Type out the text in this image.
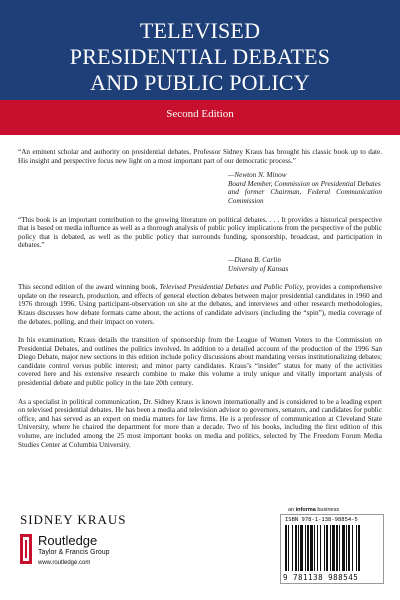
TELEVISED
PRESIDENTIAL DEBATES
AND PUBLIC POLICY
Second Edition

“An eminent scholar and authority on presidential debates, Professor Sidney Kraus has brought his classic book up to date. His insight and perspective focus new light on a most important part of our democratic process.”

—Newton N. Minow
Board Member, Commission on Presidential Debates
and former Chairman, Federal Communication Commission

“This book is an important contribution to the growing literature on political debates. . . . It provides a historical perspective that is based on media influence as well as a thorough analysis of public policy implications from the perspective of the public policy that is debated, as well as the public policy that surrounds funding, sponsorship, broadcast, and participation in debates.”

—Diana B. Carlin
University of Kansas

This second edition of the award winning book, Televised Presidential Debates and Public Policy, provides a comprehensive update on the research, production, and effects of general election debates between major presidential candidates in 1960 and 1976 through 1996. Using participant-observation on site at the debates, and interviews and other research methodologies, Kraus discusses how debate formats came about, the actions of candidate advisors (including the “spin”), media coverage of the debates, polling, and their impact on voters.

In his examination, Kraus details the transition of sponsorship from the League of Women Voters to the Commission on Presidential Debates, and outlines the politics involved. In addition to a detailed account of the production of the 1996 San Diego Debate, major new sections in this edition include policy discussions about mandating versus institutionalizing debates; candidate control versus public interest; and minor party candidates. Kraus’s “insider” status for many of the activities covered here and his extensive research combine to make this volume a truly unique and vitally important analysis of presidential debate and public policy in the late 20th century.

As a specialist in political communication, Dr. Sidney Kraus is known internationally and is considered to be a leading expert on televised presidential debates. He has been a media and television advisor to governors, senators, and candidates for public office, and has served as an expert on media matters for law firms. He is a professor of communication at Cleveland State University, where he chaired the department for more than a decade. Two of his books, including the first edition of this volume, are included among the 25 most important books on media and politics, selected by The Freedom Forum Media Studies Center at Columbia University.

SIDNEY KRAUS
Routledge
Taylor & Francis Group
www.routledge.com
an informa business
ISBN 978-1-138-98854-5
9 781138 988545
